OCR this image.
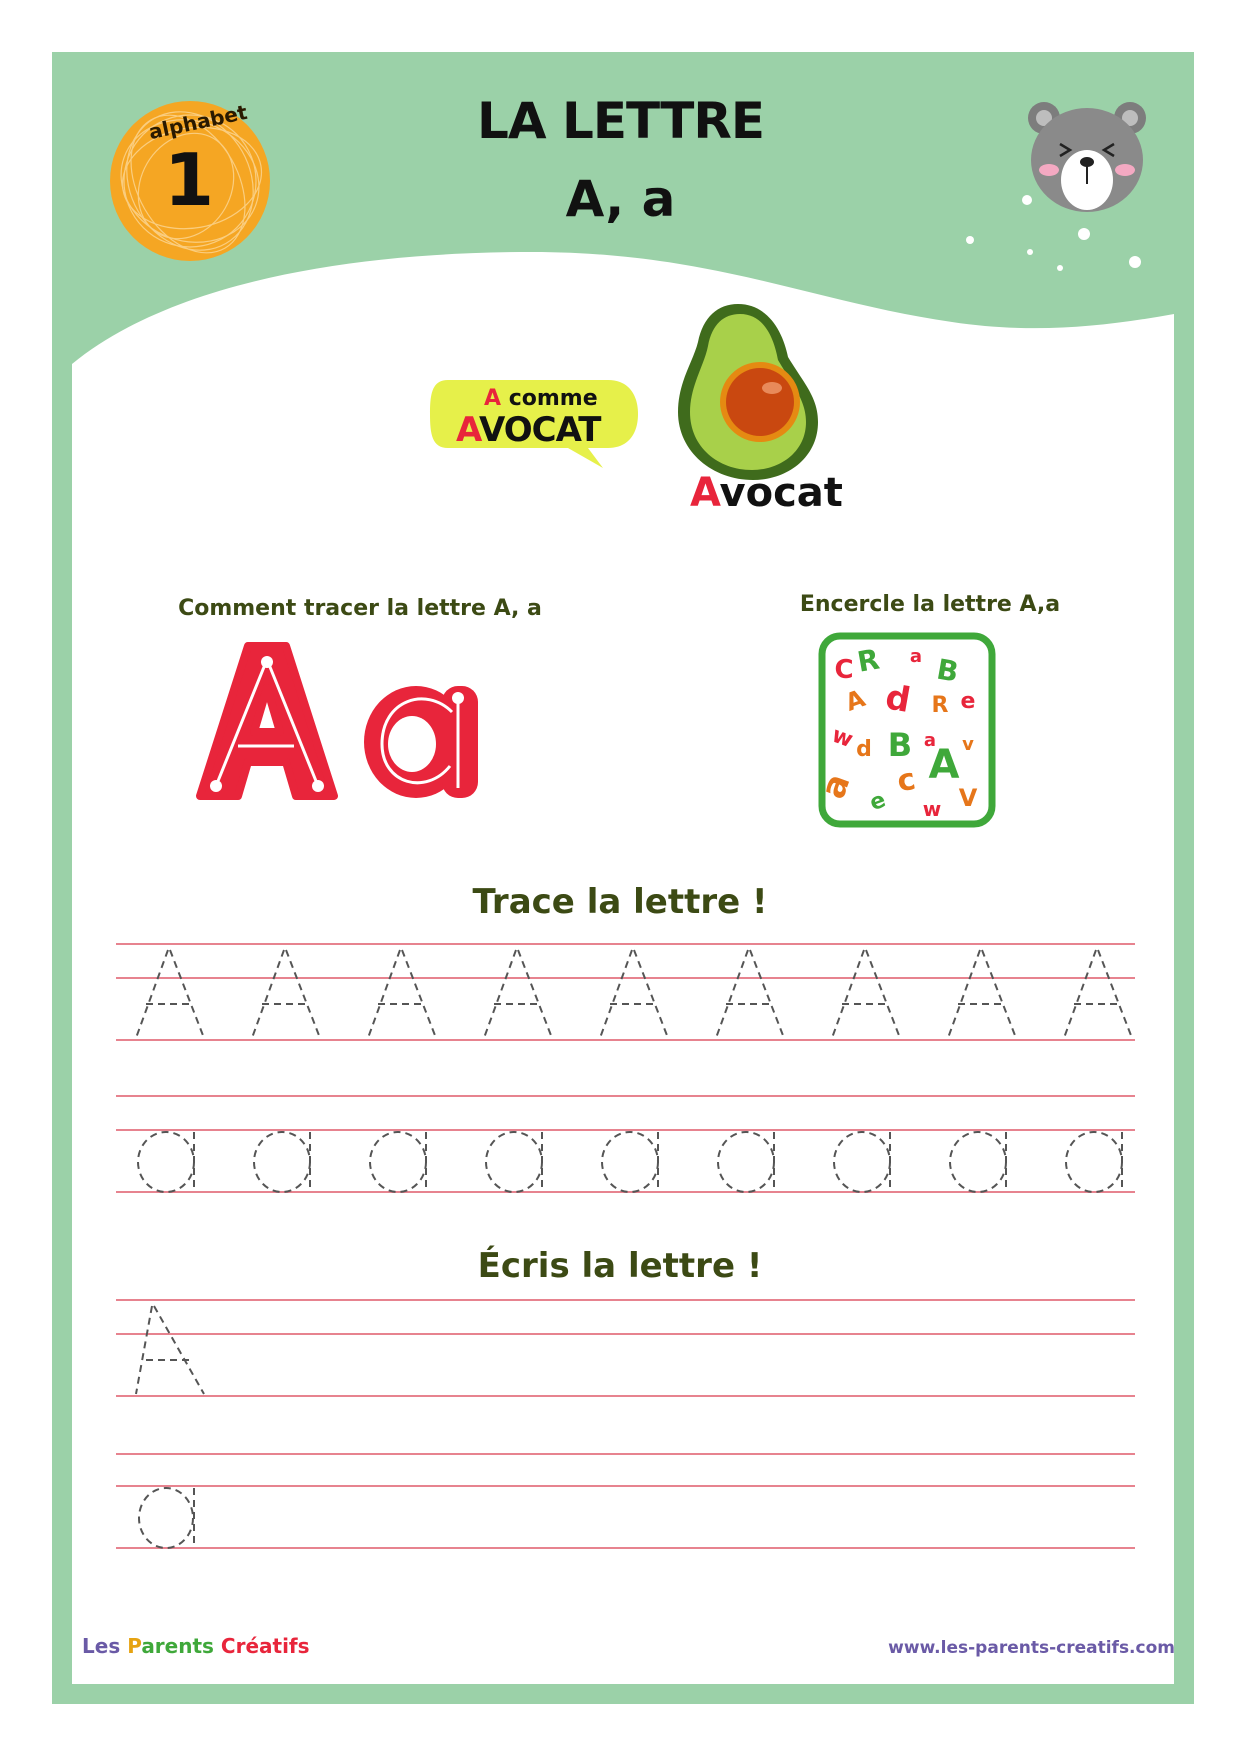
alphabet
1
LA LETTRE
A, a
A comme
AVOCAT
Avocat
Comment tracer la lettre A, a	Encercle la lettre A,a
C R a B
A d R e
w d B a v
a c A
e w V
Trace la lettre !
Écris la lettre !
Les Parents Créatifs	www.les-parents-creatifs.com
